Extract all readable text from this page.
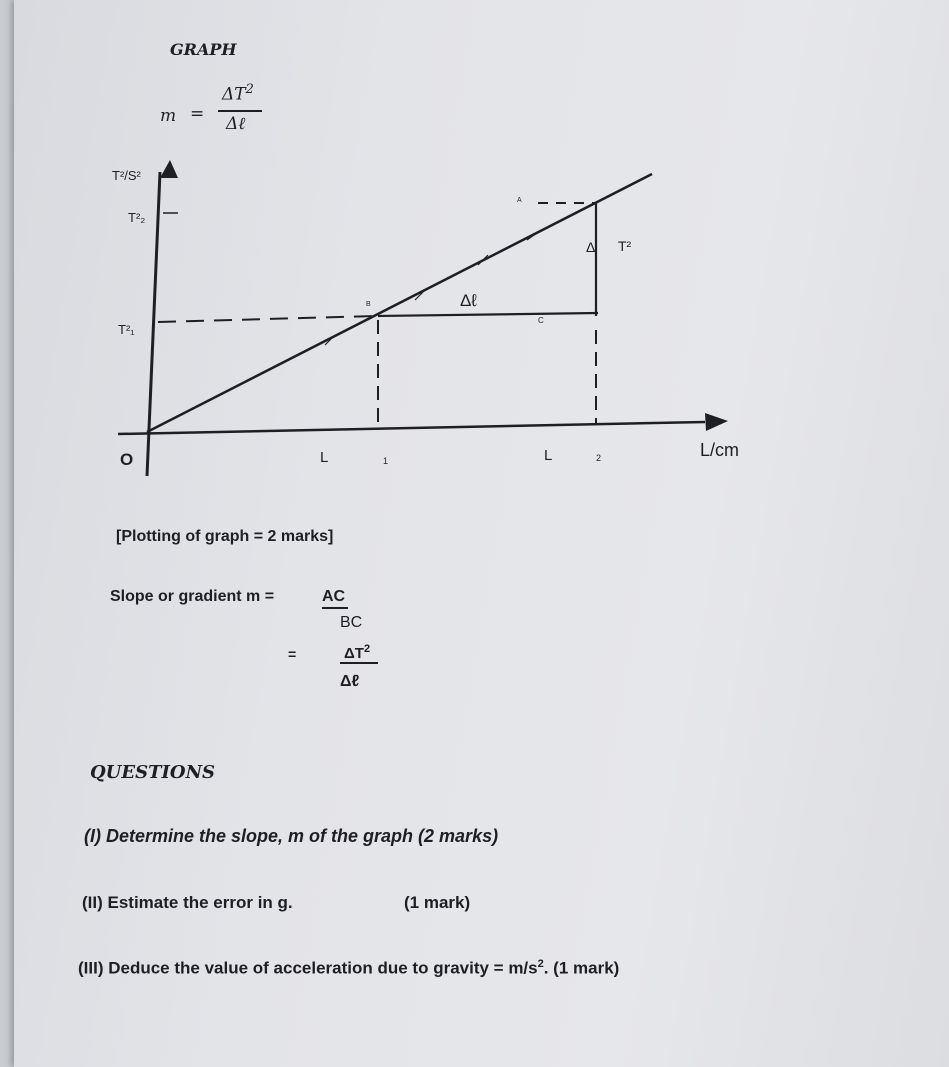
GRAPH
m =
$\Delta T^2$
Δℓ
T²/S²
T²₂
T²₁
O	L	1	L	2	L/cm
A
B
C
Δℓ
Δ T²
[Plotting of graph = 2 marks]
Slope or gradient m =	AC
BC
=	$\Delta T^2$
Δℓ
QUESTIONS
(I) Determine the slope, m of the graph (2 marks)
(II) Estimate the error in g.	(1 mark)
(III) Deduce the value of acceleration due to gravity = $m/s^2$. (1 mark)
